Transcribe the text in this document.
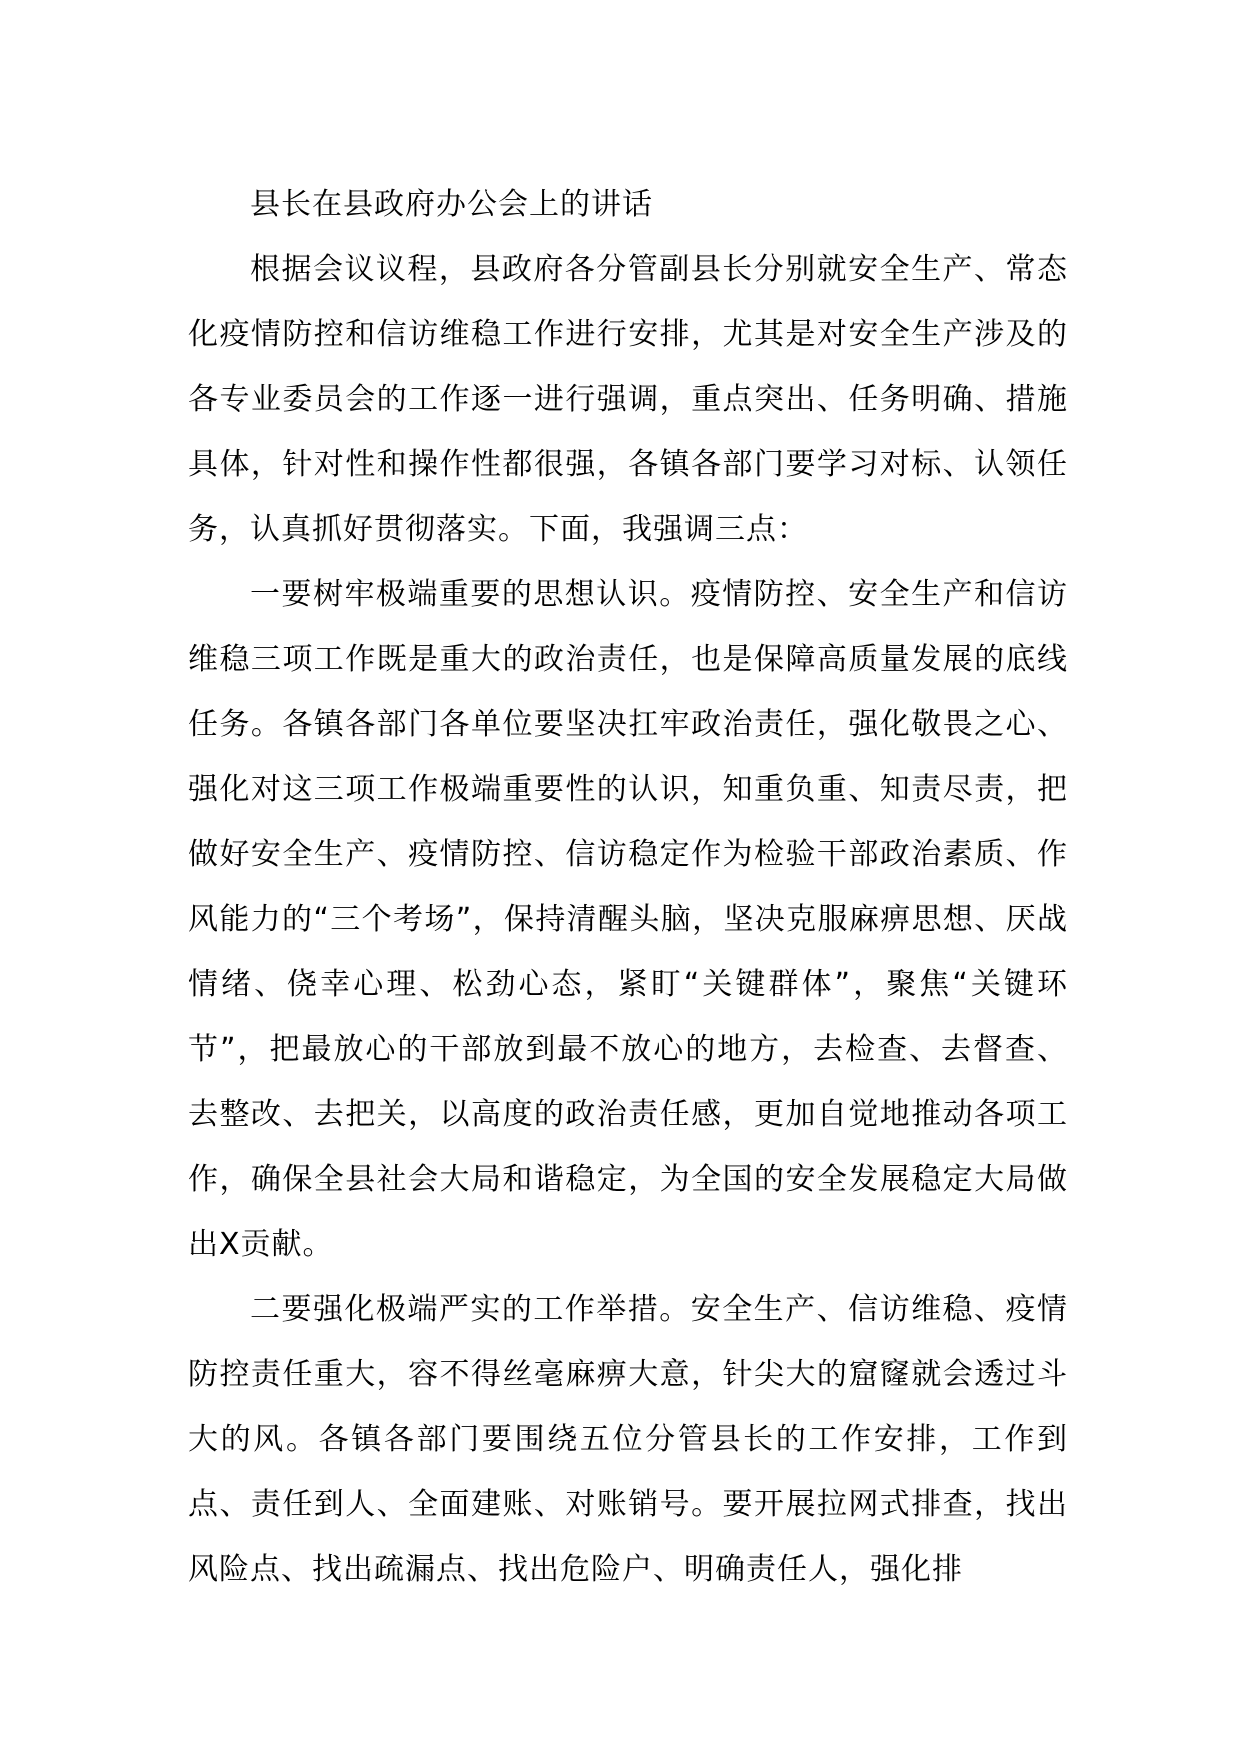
县长在县政府办公会上的讲话

根据会议议程，县政府各分管副县长分别就安全生产、常态化疫情防控和信访维稳工作进行安排，尤其是对安全生产涉及的各专业委员会的工作逐一进行强调，重点突出、任务明确、措施具体，针对性和操作性都很强，各镇各部门要学习对标、认领任务，认真抓好贯彻落实。下面，我强调三点：

一要树牢极端重要的思想认识。疫情防控、安全生产和信访维稳三项工作既是重大的政治责任，也是保障高质量发展的底线任务。各镇各部门各单位要坚决扛牢政治责任，强化敬畏之心、强化对这三项工作极端重要性的认识，知重负重、知责尽责，把做好安全生产、疫情防控、信访稳定作为检验干部政治素质、作风能力的“三个考场”，保持清醒头脑，坚决克服麻痹思想、厌战情绪、侥幸心理、松劲心态，紧盯“关键群体”，聚焦“关键环节”，把最放心的干部放到最不放心的地方，去检查、去督查、去整改、去把关，以高度的政治责任感，更加自觉地推动各项工作，确保全县社会大局和谐稳定，为全国的安全发展稳定大局做出X贡献。

二要强化极端严实的工作举措。安全生产、信访维稳、疫情防控责任重大，容不得丝毫麻痹大意，针尖大的窟窿就会透过斗大的风。各镇各部门要围绕五位分管县长的工作安排，工作到点、责任到人、全面建账、对账销号。要开展拉网式排查，找出风险点、找出疏漏点、找出危险户、明确责任人，强化排
